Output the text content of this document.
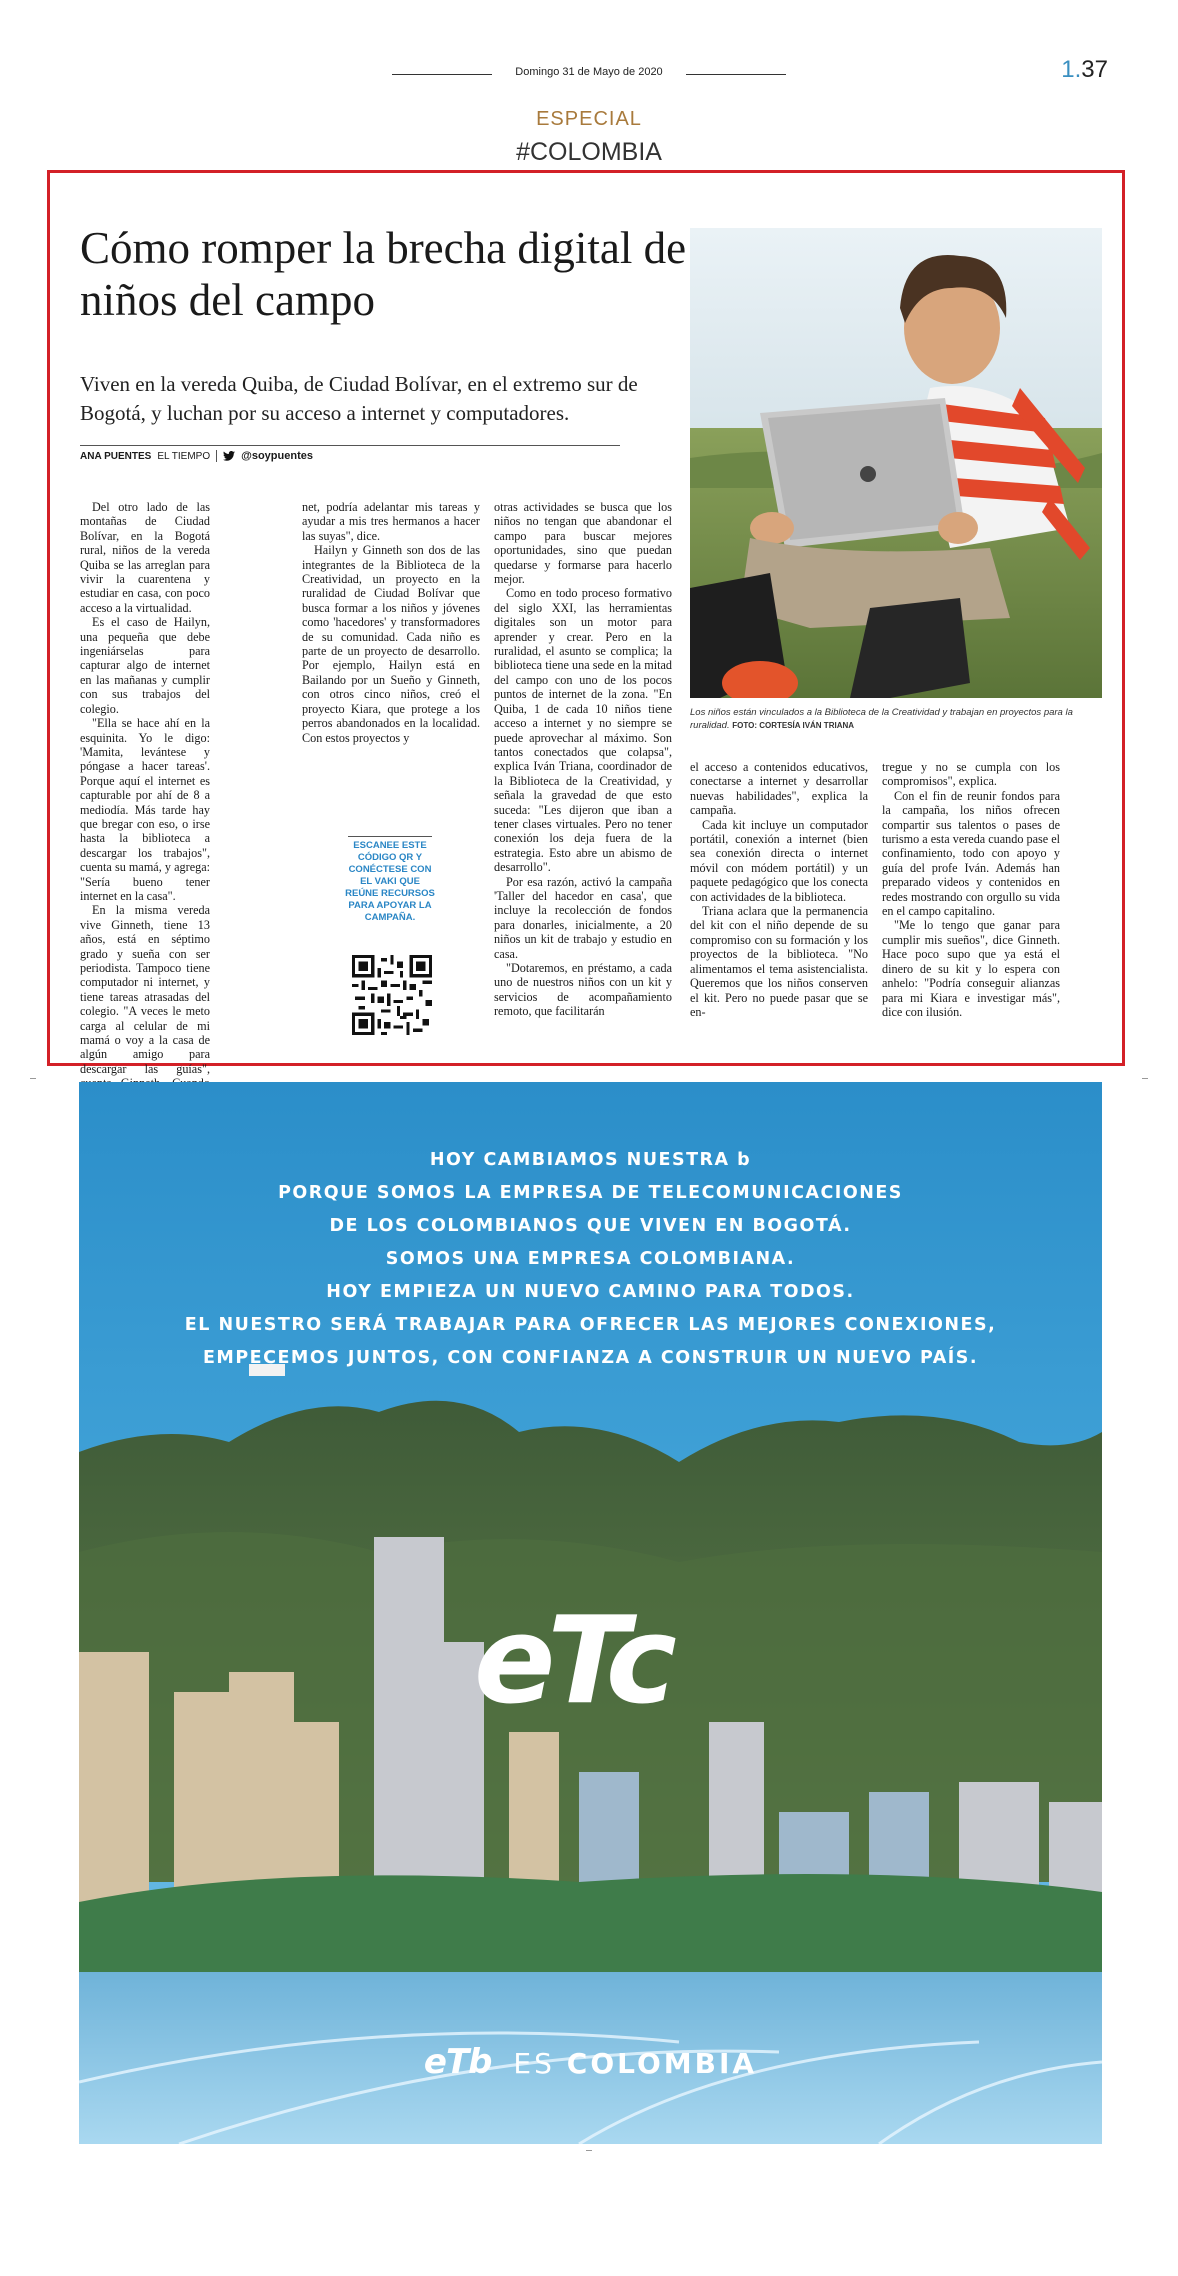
Domingo 31 de Mayo de 2020	1.37
ESPECIAL
#COLOMBIA
Cómo romper la brecha digital de niños del campo

Viven en la vereda Quiba, de Ciudad Bolívar, en el extremo sur de Bogotá, y luchan por su acceso a internet y computadores.

ANA PUENTES EL TIEMPO	@soypuentes

Del otro lado de las montañas de Ciudad Bolívar, en la Bogotá rural, niños de la vereda Quiba se las arreglan para vivir la cuarentena y estudiar en casa, con poco acceso a la virtualidad.

Es el caso de Hailyn, una pequeña que debe ingeniárselas para capturar algo de internet en las mañanas y cumplir con sus trabajos del colegio.

"Ella se hace ahí en la esquinita. Yo le digo: 'Mamita, levántese y póngase a hacer tareas'. Porque aquí el internet es capturable por ahí de 8 a mediodía. Más tarde hay que bregar con eso, o irse hasta la biblioteca a descargar los trabajos", cuenta su mamá, y agrega: "Sería bueno tener internet en la casa".

En la misma vereda vive Ginneth, tiene 13 años, está en séptimo grado y sueña con ser periodista. Tampoco tiene computador ni internet, y tiene tareas atrasadas del colegio. "A veces le meto carga al celular de mi mamá o voy a la casa de algún amigo para descargar las guías",

net, podría adelantar mis tareas y ayudar a mis tres hermanos a hacer las suyas", dice.

Hailyn y Ginneth son dos de las integrantes de la Biblioteca de la Creatividad, un proyecto en la ruralidad de Ciudad Bolívar que busca formar a los niños y jóvenes como 'hacedores' y transformadores de su comunidad. Cada niño es parte de un proyecto de desarrollo. Por ejemplo, Hailyn está en Bailando por un Sueño y Ginneth, con otros cinco niños, creó el proyecto Kiara, que protege a los perros abandonados en la localidad. Con estos proyectos y

ESCANEE ESTE CÓDIGO QR Y CONÉCTESE CON EL VAKI QUE REÚNE RECURSOS PARA APOYAR LA CAMPAÑA.

otras actividades se busca que los niños no tengan que abandonar el campo para buscar mejores oportunidades, sino que puedan quedarse y formarse para hacerlo mejor.

Como en todo proceso formativo del siglo XXI, las herramientas digitales son un motor para aprender y crear. Pero en la ruralidad, el asunto se complica; la biblioteca tiene una sede en la mitad del campo con uno de los pocos puntos de internet de la zona. "En Quiba, 1 de cada 10 niños tiene acceso a internet y no siempre se puede aprovechar al máximo. Son tantos conectados que colapsa", explica Iván Triana, coordinador de la Biblioteca de la Creatividad, y señala la gravedad de que esto suceda: "Les dijeron que iban a tener clases virtuales. Pero no tener conexión los deja fuera de la estrategia. Esto abre un abismo de desarrollo".

Por esa razón, activó la campaña 'Taller del hacedor en casa', que incluye la recolección de fondos para donarles, inicialmente, a 20 niños un kit de trabajo y estudio en casa.

"Dotaremos, en préstamo, a cada uno de nuestros niños con un kit y servicios de acompañamiento remoto, que facilitarán

el acceso a contenidos educativos, conectarse a internet y desarrollar nuevas habilidades", explica la campaña.

Cada kit incluye un computador portátil, conexión a internet (bien sea conexión directa o internet móvil con módem portátil) y un paquete pedagógico que los conecta con actividades de la biblioteca.

Triana aclara que la permanencia del kit con el niño depende de su compromiso con su formación y los proyectos de la biblioteca. "No alimentamos el tema asistencialista. Queremos que los niños conserven el kit. Pero no puede pasar que se en-

tregue y no se cumpla con los compromisos", explica.

Con el fin de reunir fondos para la campaña, los niños ofrecen compartir sus talentos o pases de turismo a esta vereda cuando pase el confinamiento, todo con apoyo y guía del profe Iván. Además han preparado videos y contenidos en redes mostrando con orgullo su vida en el campo capitalino.

"Me lo tengo que ganar para cumplir mis sueños", dice Ginneth. Hace poco supo que ya está el dinero de su kit y lo espera con anhelo: "Podría conseguir alianzas para mi Kiara e investigar más", dice con ilusión.

Los niños están vinculados a la Biblioteca de la Creatividad y trabajan en proyectos para la ruralidad. FOTO: CORTESÍA IVÁN TRIANA
HOY CAMBIAMOS NUESTRA b
PORQUE SOMOS LA EMPRESA DE TELECOMUNICACIONES
DE LOS COLOMBIANOS QUE VIVEN EN BOGOTÁ.
SOMOS UNA EMPRESA COLOMBIANA.
HOY EMPIEZA UN NUEVO CAMINO PARA TODOS.
EL NUESTRO SERÁ TRABAJAR PARA OFRECER LAS MEJORES CONEXIONES,
EMPECEMOS JUNTOS, CON CONFIANZA A CONSTRUIR UN NUEVO PAÍS.
eTc
eTb ES COLOMBIA
